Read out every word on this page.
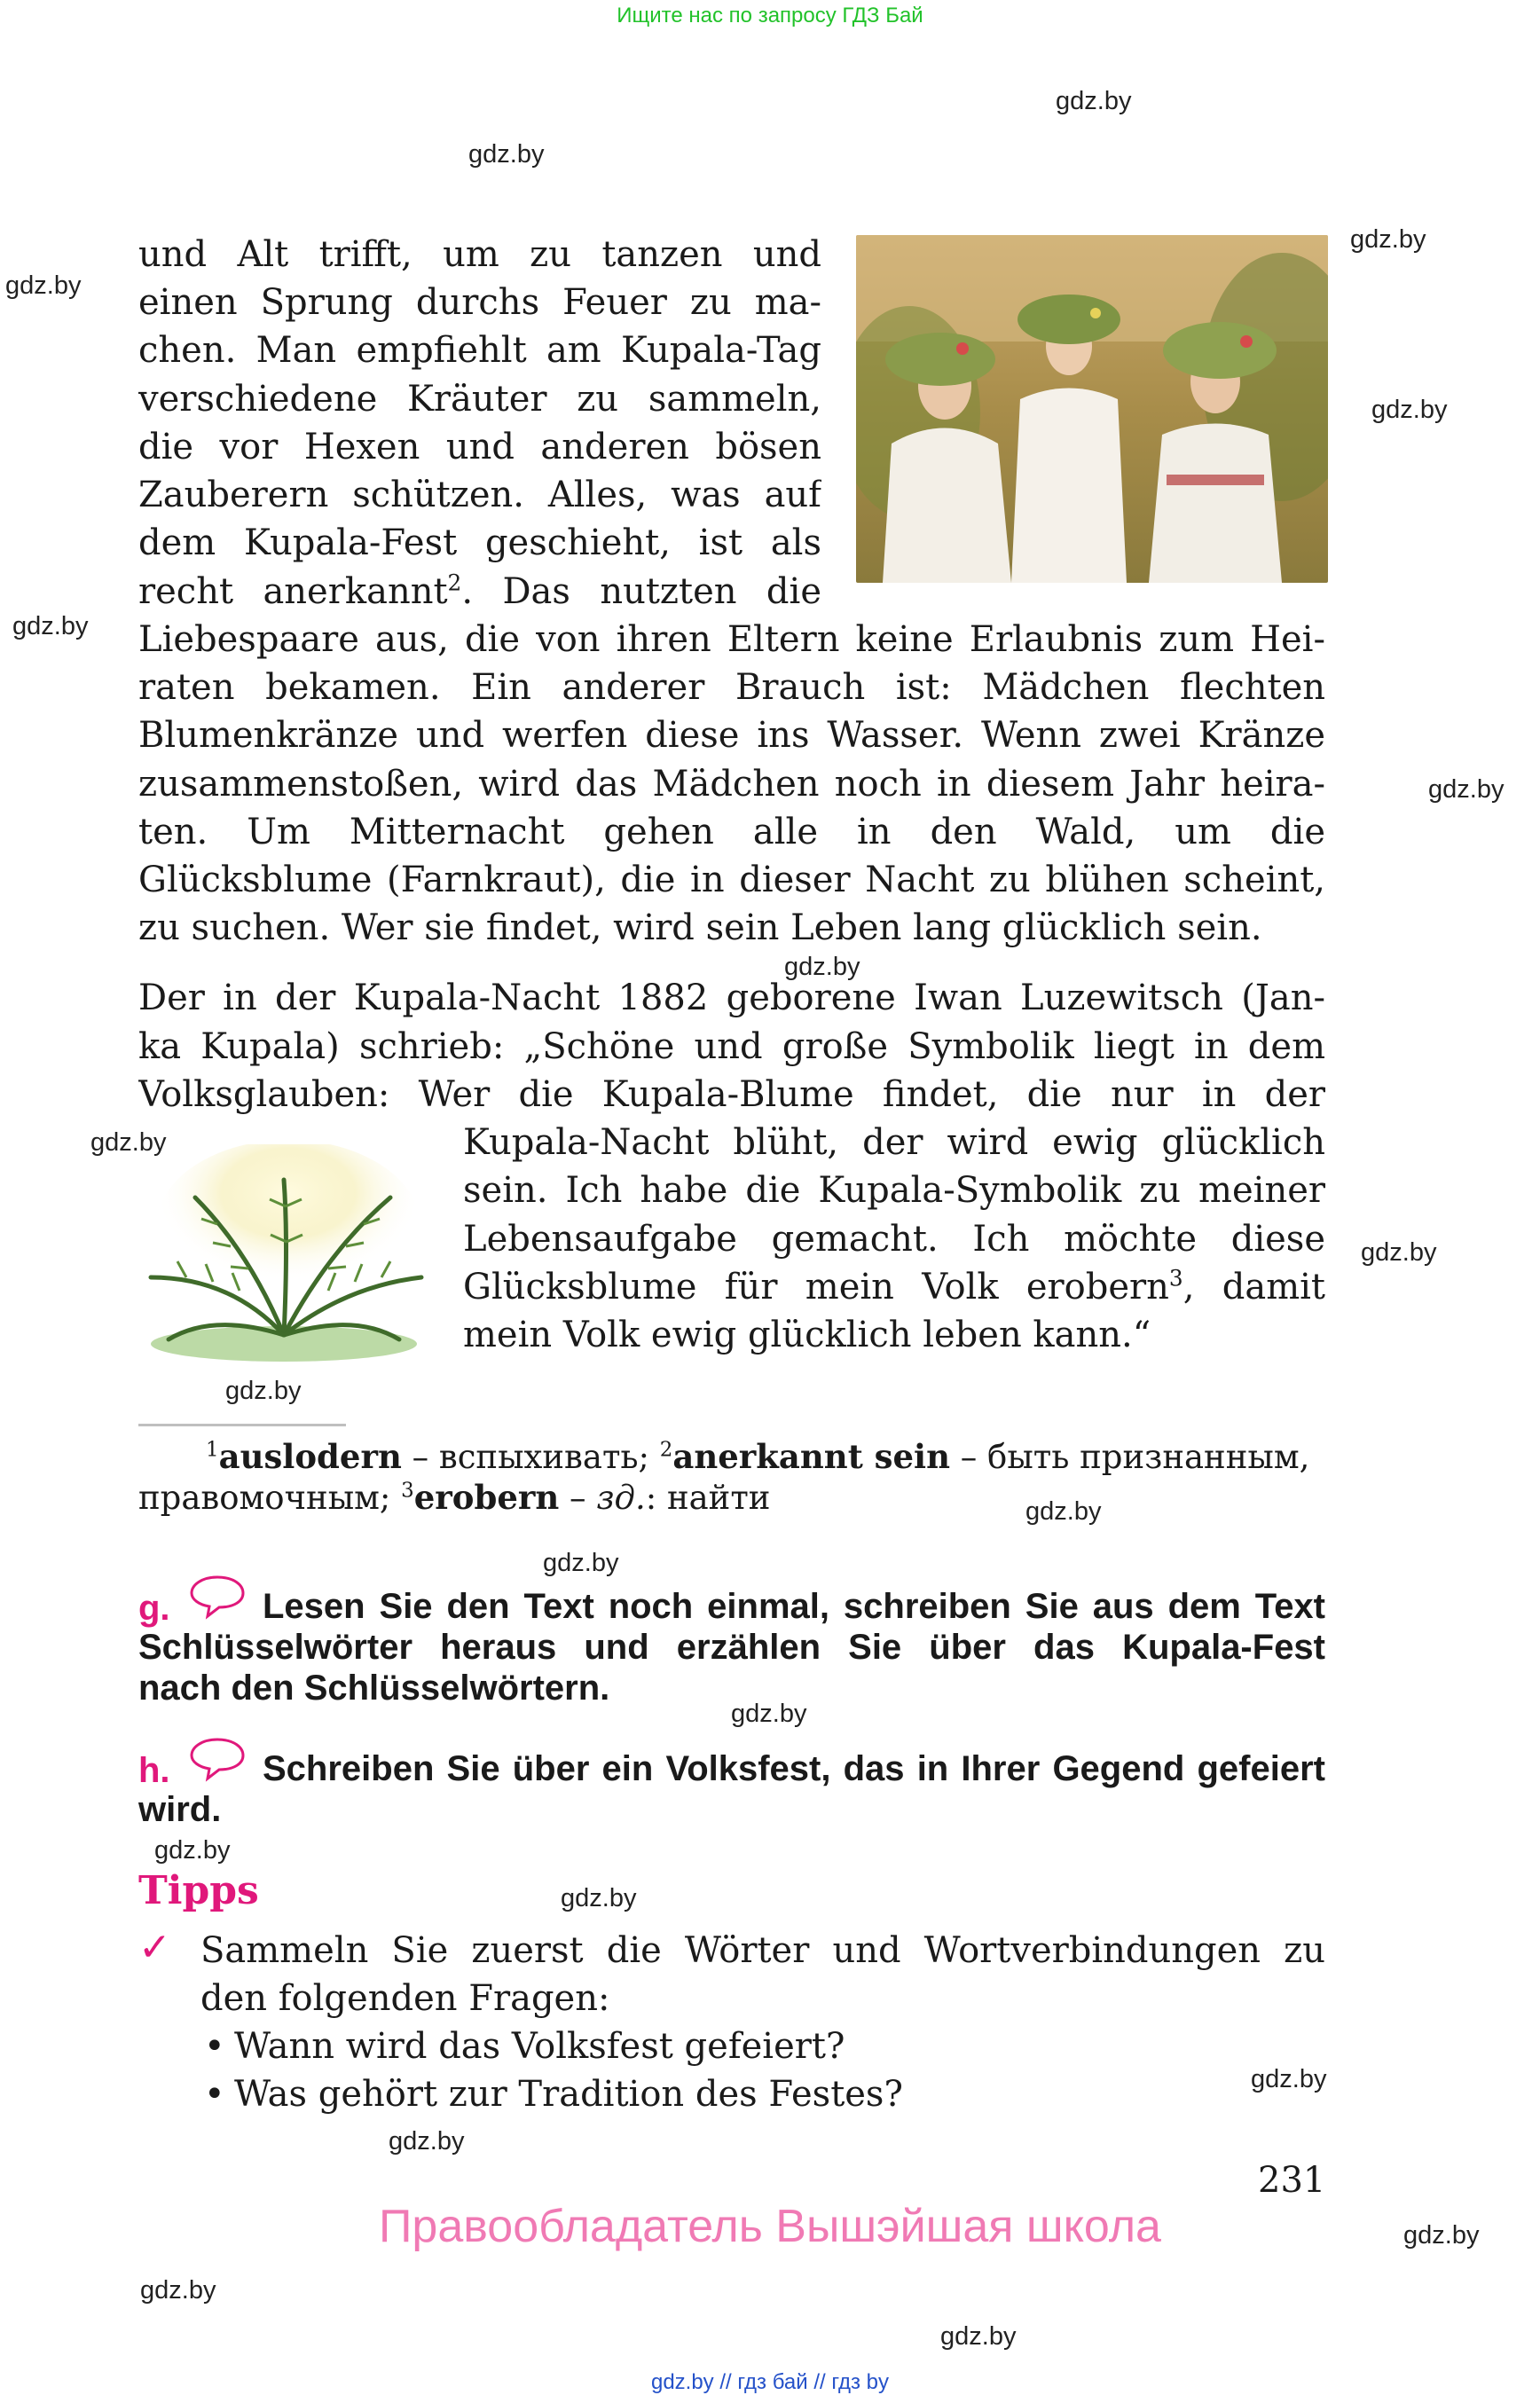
Ищите нас по запросу ГДЗ Бай
gdz.by
gdz.by
gdz.by
gdz.by
gdz.by
gdz.by
gdz.by
gdz.by
gdz.by
gdz.by
gdz.by
gdz.by
gdz.by
gdz.by
gdz.by
gdz.by
gdz.by
gdz.by
gdz.by
gdz.by
gdz.by
und Alt trifft, um zu tanzen und
einen Sprung durchs Feuer zu ma-
chen. Man empfiehlt am Kupala-Tag
verschiedene Kräuter zu sammeln,
die vor Hexen und anderen bösen
Zauberern schützen. Alles, was auf
dem Kupala-Fest geschieht, ist als
recht anerkannt$^2$. Das nutzten die
Liebespaare aus, die von ihren Eltern keine Erlaubnis zum Hei-
raten bekamen. Ein anderer Brauch ist: Mädchen flechten
Blumenkränze und werfen diese ins Wasser. Wenn zwei Kränze
zusammenstoßen, wird das Mädchen noch in diesem Jahr heira-
ten. Um Mitternacht gehen alle in den Wald, um die
Glücksblume (Farnkraut), die in dieser Nacht zu blühen scheint,
zu suchen. Wer sie findet, wird sein Leben lang glücklich sein.
Der in der Kupala-Nacht 1882 geborene Iwan Luzewitsch (Jan-
ka Kupala) schrieb: „Schöne und große Symbolik liegt in dem
Volksglauben: Wer die Kupala-Blume findet, die nur in der
Kupala-Nacht blüht, der wird ewig glücklich
sein. Ich habe die Kupala-Symbolik zu meiner
Lebensaufgabe gemacht. Ich möchte diese
Glücksblume für mein Volk erobern$^3$, damit
mein Volk ewig glücklich leben kann.“
$^1$auslodern – вспыхивать; $^2$anerkannt sein – быть признанным,
правомочным; $^3$erobern – зд.: найти
g.	Lesen Sie den Text noch einmal, schreiben Sie aus dem Text
Schlüsselwörter heraus und erzählen Sie über das Kupala-Fest
nach den Schlüsselwörtern.
h.	Schreiben Sie über ein Volksfest, das in Ihrer Gegend gefeiert
wird.
Tipps
✓ Sammeln Sie zuerst die Wörter und Wortverbindungen zu
den folgenden Fragen:
• Wann wird das Volksfest gefeiert?
• Was gehört zur Tradition des Festes?
231
Правообладатель Вышэйшая школа
gdz.by // гдз бай // гдз by
